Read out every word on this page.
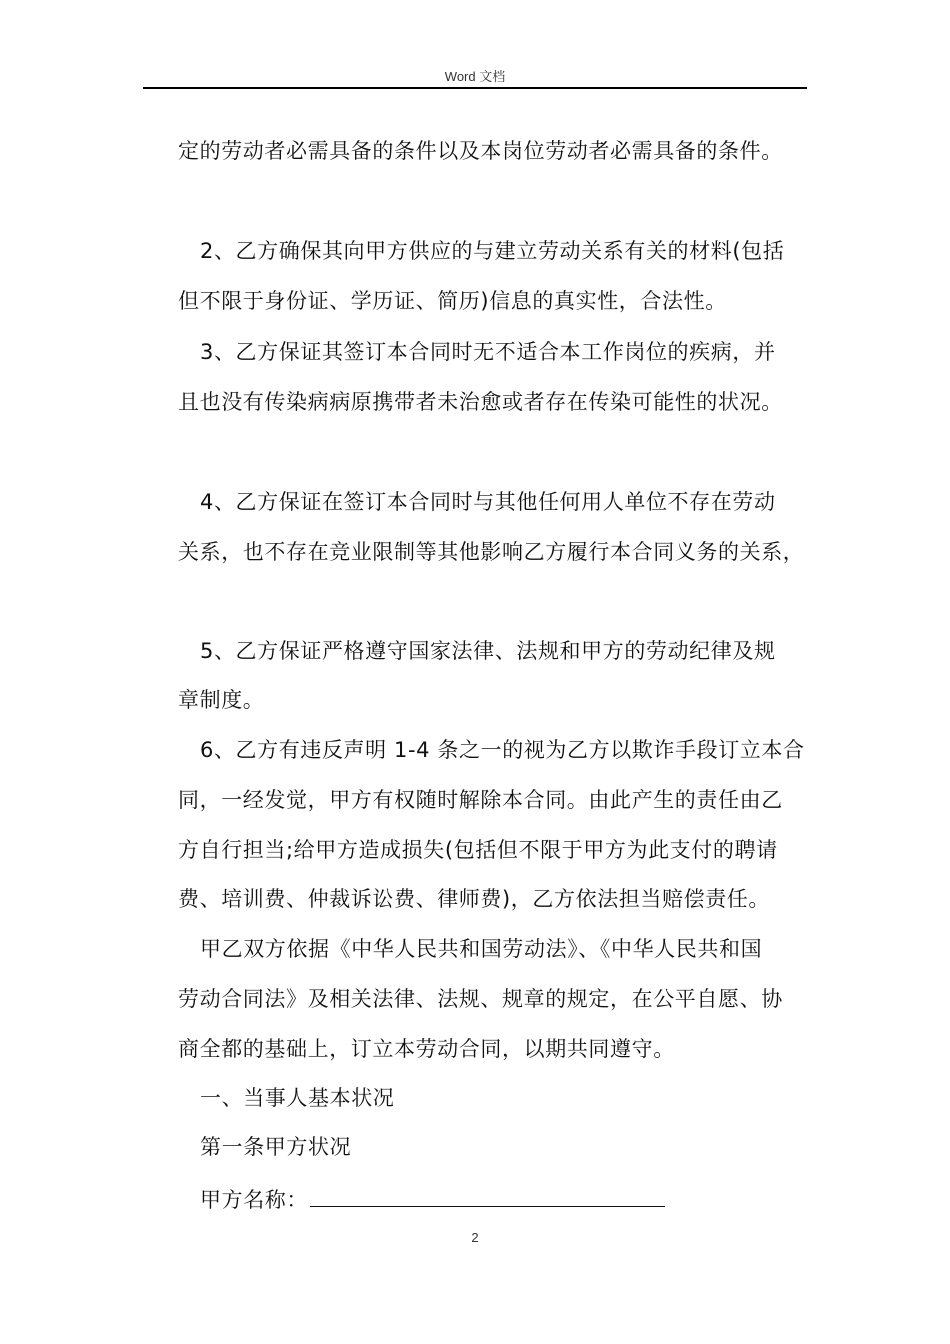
Word 文档
定的劳动者必需具备的条件以及本岗位劳动者必需具备的条件。
2、乙方确保其向甲方供应的与建立劳动关系有关的材料(包括
但不限于身份证、学历证、简历)信息的真实性，合法性。
3、乙方保证其签订本合同时无不适合本工作岗位的疾病，并
且也没有传染病病原携带者未治愈或者存在传染可能性的状况。
4、乙方保证在签订本合同时与其他任何用人单位不存在劳动
关系，也不存在竞业限制等其他影响乙方履行本合同义务的关系，
5、乙方保证严格遵守国家法律、法规和甲方的劳动纪律及规
章制度。
6、乙方有违反声明 1-4 条之一的视为乙方以欺诈手段订立本合
同，一经发觉，甲方有权随时解除本合同。由此产生的责任由乙
方自行担当;给甲方造成损失(包括但不限于甲方为此支付的聘请
费、培训费、仲裁诉讼费、律师费)，乙方依法担当赔偿责任。
甲乙双方依据《中华人民共和国劳动法》、《中华人民共和国
劳动合同法》及相关法律、法规、规章的规定，在公平自愿、协
商全都的基础上，订立本劳动合同，以期共同遵守。
一、当事人基本状况
第一条甲方状况
甲方名称：
2
